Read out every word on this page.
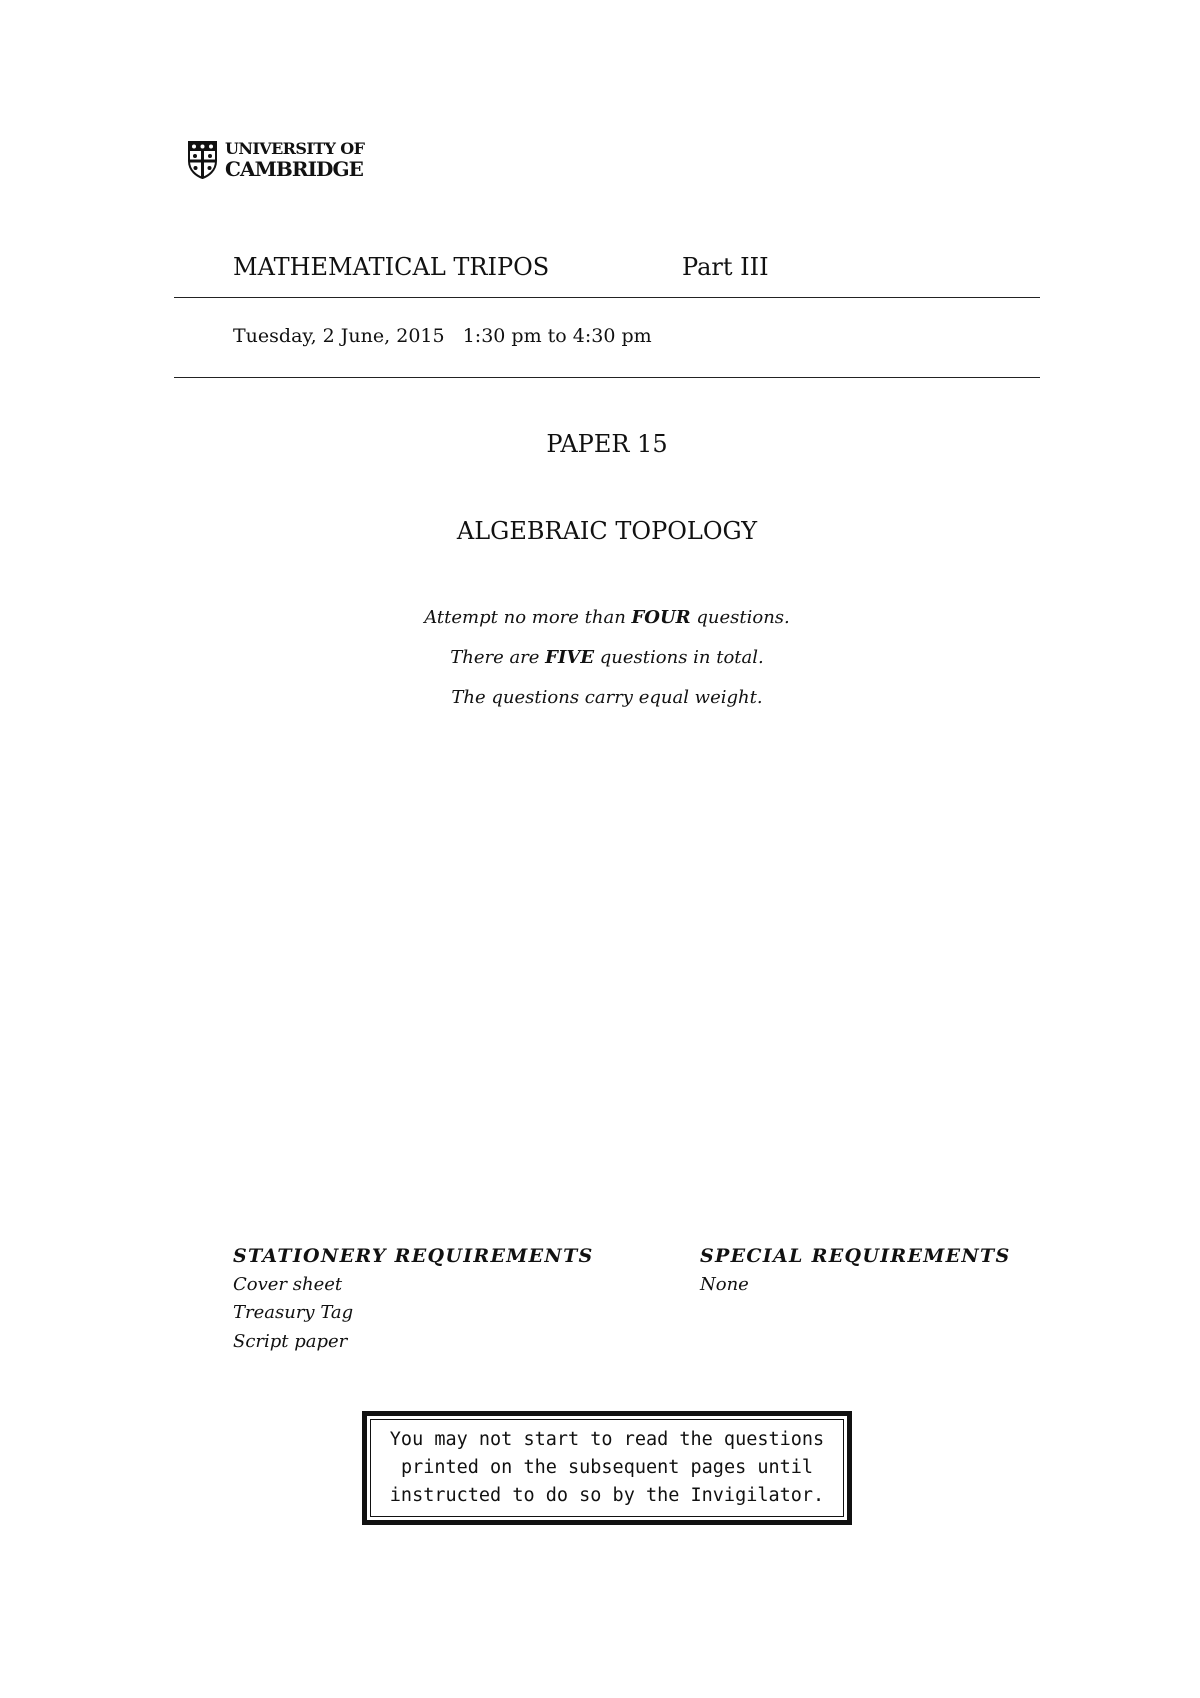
UNIVERSITY OF
CAMBRIDGE
MATHEMATICAL TRIPOS	Part III
Tuesday, 2 June, 2015 1:30 pm to 4:30 pm
PAPER 15
ALGEBRAIC TOPOLOGY
Attempt no more than FOUR questions.
There are FIVE questions in total.
The questions carry equal weight.
STATIONERY REQUIREMENTS
Cover sheet
Treasury Tag
Script paper
SPECIAL REQUIREMENTS
None
You may not start to read the questions
printed on the subsequent pages until
instructed to do so by the Invigilator.
